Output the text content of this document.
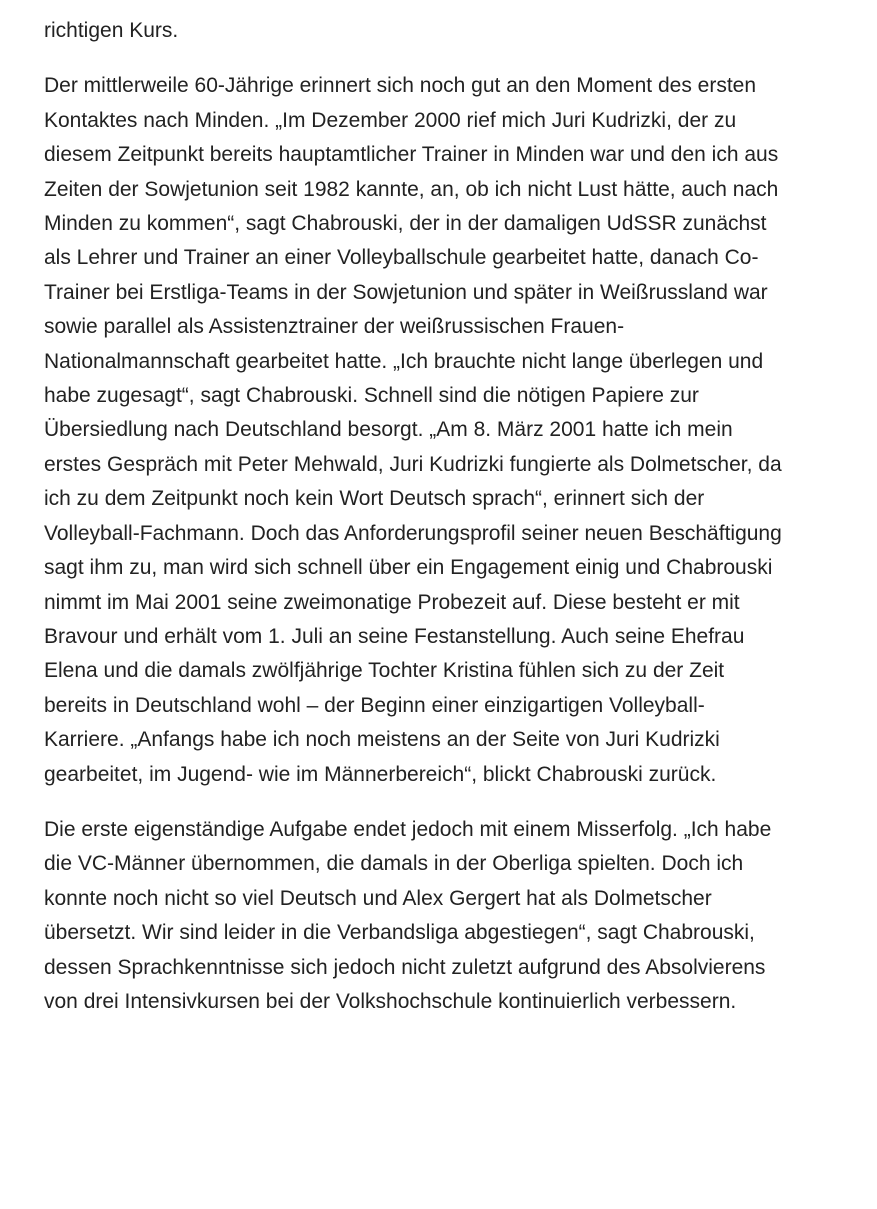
richtigen Kurs.

Der mittlerweile 60-Jährige erinnert sich noch gut an den Moment des ersten Kontaktes nach Minden. „Im Dezember 2000 rief mich Juri Kudrizki, der zu diesem Zeitpunkt bereits hauptamtlicher Trainer in Minden war und den ich aus Zeiten der Sowjetunion seit 1982 kannte, an, ob ich nicht Lust hätte, auch nach Minden zu kommen“, sagt Chabrouski, der in der damaligen UdSSR zunächst als Lehrer und Trainer an einer Volleyballschule gearbeitet hatte, danach Co-Trainer bei Erstliga-Teams in der Sowjetunion und später in Weißrussland war sowie parallel als Assistenztrainer der weißrussischen Frauen-Nationalmannschaft gearbeitet hatte. „Ich brauchte nicht lange überlegen und habe zugesagt“, sagt Chabrouski. Schnell sind die nötigen Papiere zur Übersiedlung nach Deutschland besorgt. „Am 8. März 2001 hatte ich mein erstes Gespräch mit Peter Mehwald, Juri Kudrizki fungierte als Dolmetscher, da ich zu dem Zeitpunkt noch kein Wort Deutsch sprach“, erinnert sich der Volleyball-Fachmann. Doch das Anforderungsprofil seiner neuen Beschäftigung sagt ihm zu, man wird sich schnell über ein Engagement einig und Chabrouski nimmt im Mai 2001 seine zweimonatige Probezeit auf. Diese besteht er mit Bravour und erhält vom 1. Juli an seine Festanstellung. Auch seine Ehefrau Elena und die damals zwölfjährige Tochter Kristina fühlen sich zu der Zeit bereits in Deutschland wohl – der Beginn einer einzigartigen Volleyball-Karriere. „Anfangs habe ich noch meistens an der Seite von Juri Kudrizki gearbeitet, im Jugend- wie im Männerbereich“, blickt Chabrouski zurück.

Die erste eigenständige Aufgabe endet jedoch mit einem Misserfolg. „Ich habe die VC-Männer übernommen, die damals in der Oberliga spielten. Doch ich konnte noch nicht so viel Deutsch und Alex Gergert hat als Dolmetscher übersetzt. Wir sind leider in die Verbandsliga abgestiegen“, sagt Chabrouski, dessen Sprachkenntnisse sich jedoch nicht zuletzt aufgrund des Absolvierens von drei Intensivkursen bei der Volkshochschule kontinuierlich verbessern.
